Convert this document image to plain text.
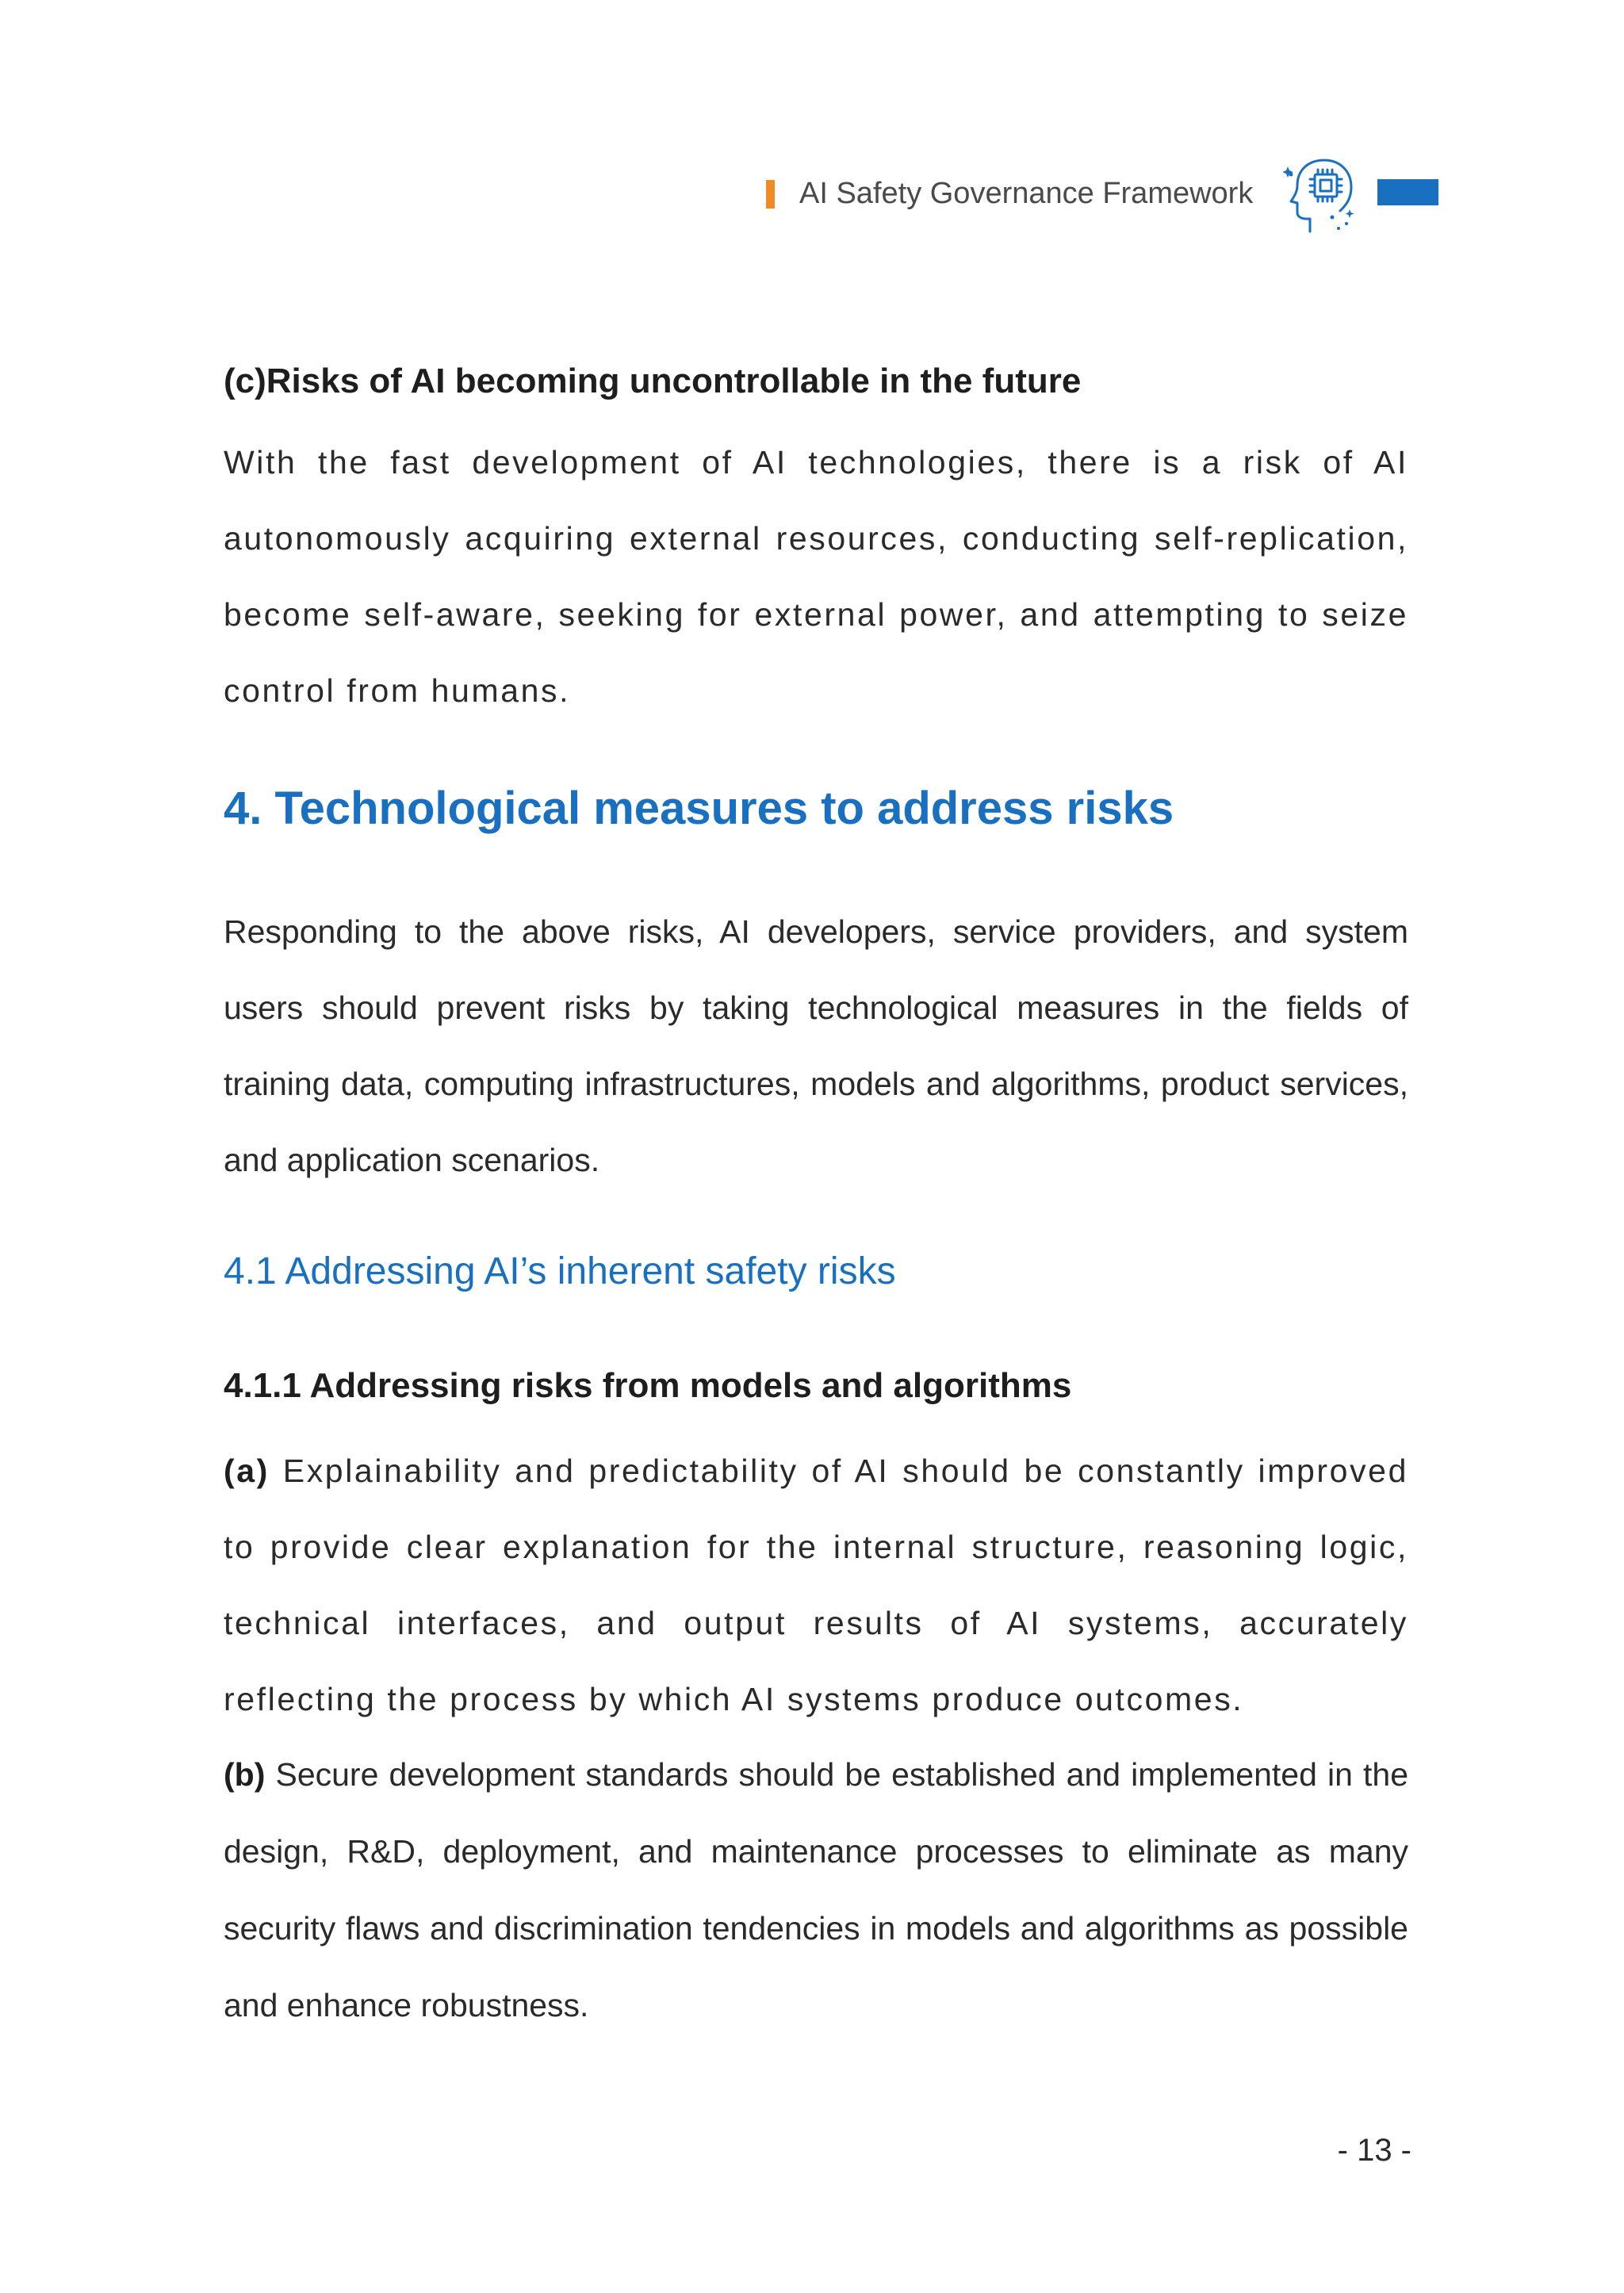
AI Safety Governance Framework
(c)Risks of AI becoming uncontrollable in the future
With the fast development of AI technologies, there is a risk of AI autonomously acquiring external resources, conducting self-replication, become self-aware, seeking for external power, and attempting to seize control from humans.
4. Technological measures to address risks
Responding to the above risks, AI developers, service providers, and system users should prevent risks by taking technological measures in the fields of training data, computing infrastructures, models and algorithms, product services, and application scenarios.
4.1 Addressing AI’s inherent safety risks
4.1.1 Addressing risks from models and algorithms
(a) Explainability and predictability of AI should be constantly improved to provide clear explanation for the internal structure, reasoning logic, technical interfaces, and output results of AI systems, accurately reflecting the process by which AI systems produce outcomes.
(b) Secure development standards should be established and implemented in the design, R&D, deployment, and maintenance processes to eliminate as many security flaws and discrimination tendencies in models and algorithms as possible and enhance robustness.
- 13 -
